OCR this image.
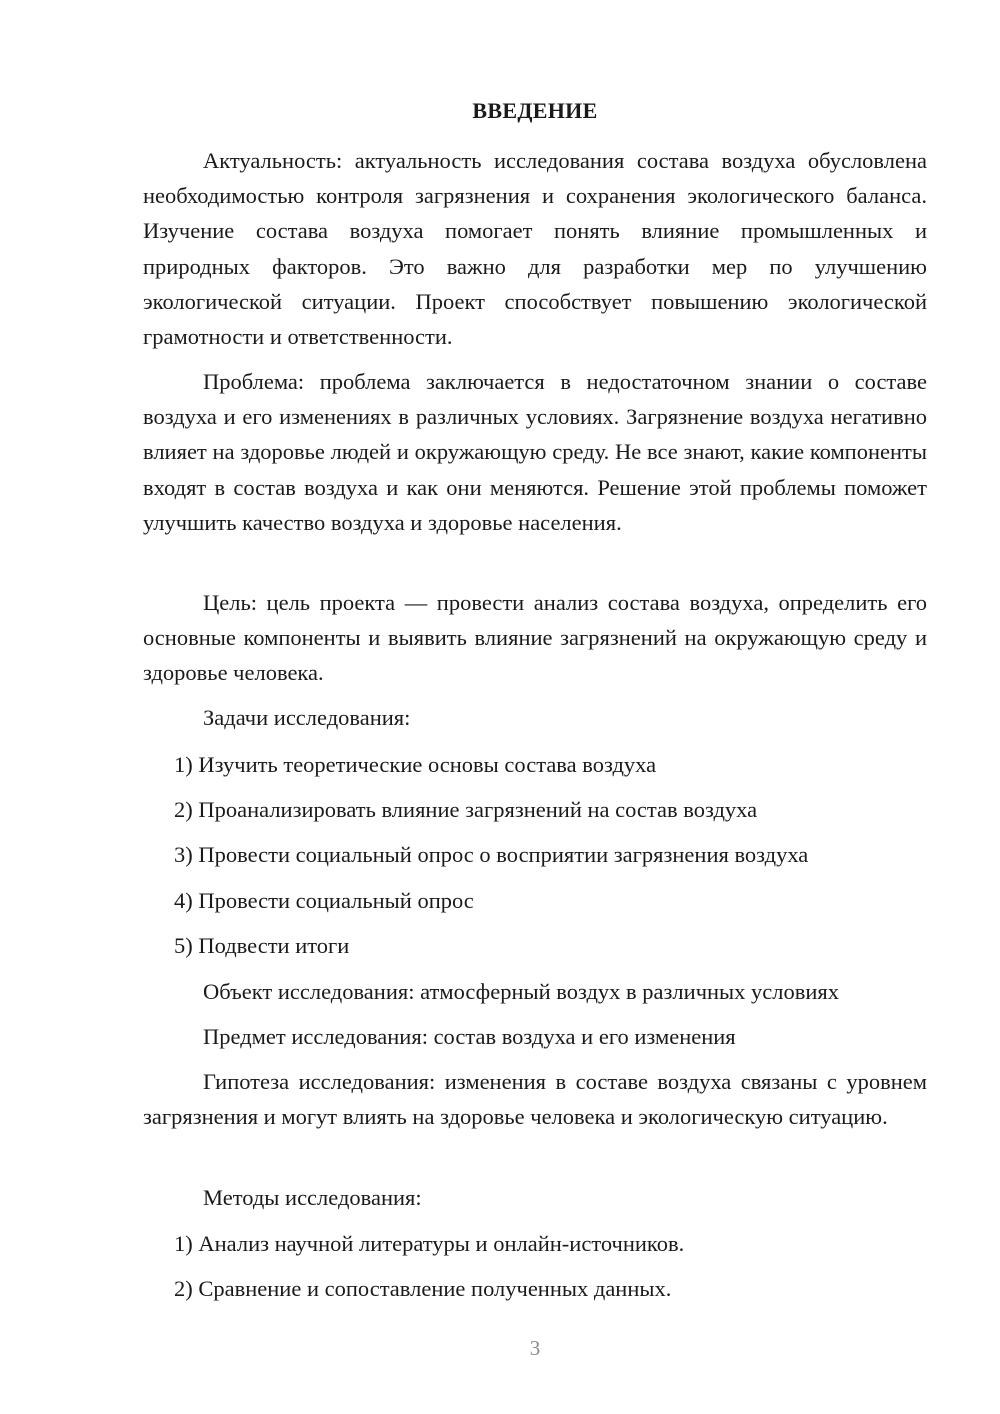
ВВЕДЕНИЕ

Актуальность: актуальность исследования состава воздуха обусловлена необходимостью контроля загрязнения и сохранения экологического баланса. Изучение состава воздуха помогает понять влияние промышленных и природных факторов. Это важно для разработки мер по улучшению экологической ситуации. Проект способствует повышению экологической грамотности и ответственности.

Проблема: проблема заключается в недостаточном знании о составе воздуха и его изменениях в различных условиях. Загрязнение воздуха негативно влияет на здоровье людей и окружающую среду. Не все знают, какие компоненты входят в состав воздуха и как они меняются. Решение этой проблемы поможет улучшить качество воздуха и здоровье населения.

Цель: цель проекта — провести анализ состава воздуха, определить его основные компоненты и выявить влияние загрязнений на окружающую среду и здоровье человека.

Задачи исследования:
1) Изучить теоретические основы состава воздуха
2) Проанализировать влияние загрязнений на состав воздуха
3) Провести социальный опрос о восприятии загрязнения воздуха
4) Провести социальный опрос
5) Подвести итоги
Объект исследования: атмосферный воздух в различных условиях
Предмет исследования: состав воздуха и его изменения

Гипотеза исследования: изменения в составе воздуха связаны с уровнем загрязнения и могут влиять на здоровье человека и экологическую ситуацию.

Методы исследования:
1) Анализ научной литературы и онлайн-источников.
2) Сравнение и сопоставление полученных данных.
3
